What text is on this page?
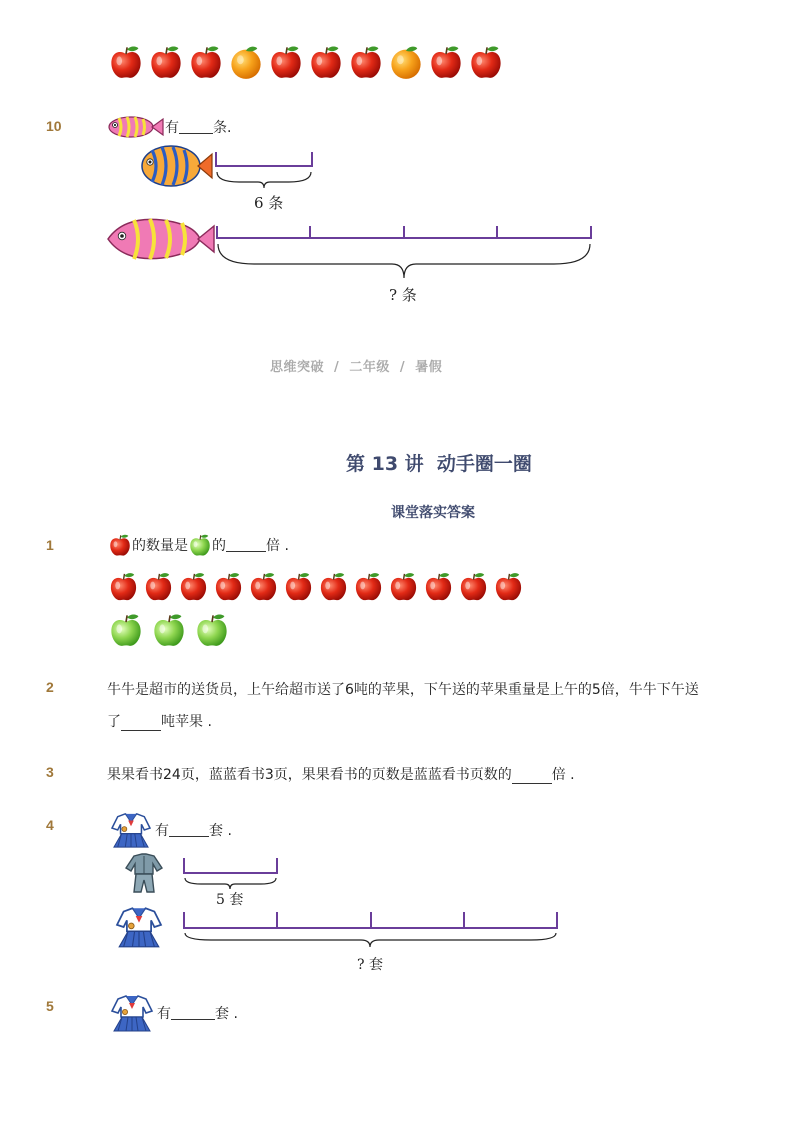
10	有 条.
6 条
? 条
思维突破  /  二年级  /  暑假
第 13 讲  动手圈一圈
课堂落实答案
1	的数量是 的	倍 .
2	牛牛是超市的送货员，上午给超市送了6吨的苹果，下午送的苹果重量是上午的5倍，牛牛下午送
了	吨苹果 .
3	果果看书24页，蓝蓝看书3页，果果看书的页数是蓝蓝看书页数的	倍 .
4	有	套 .
5 套
? 套
5	有	套 .
